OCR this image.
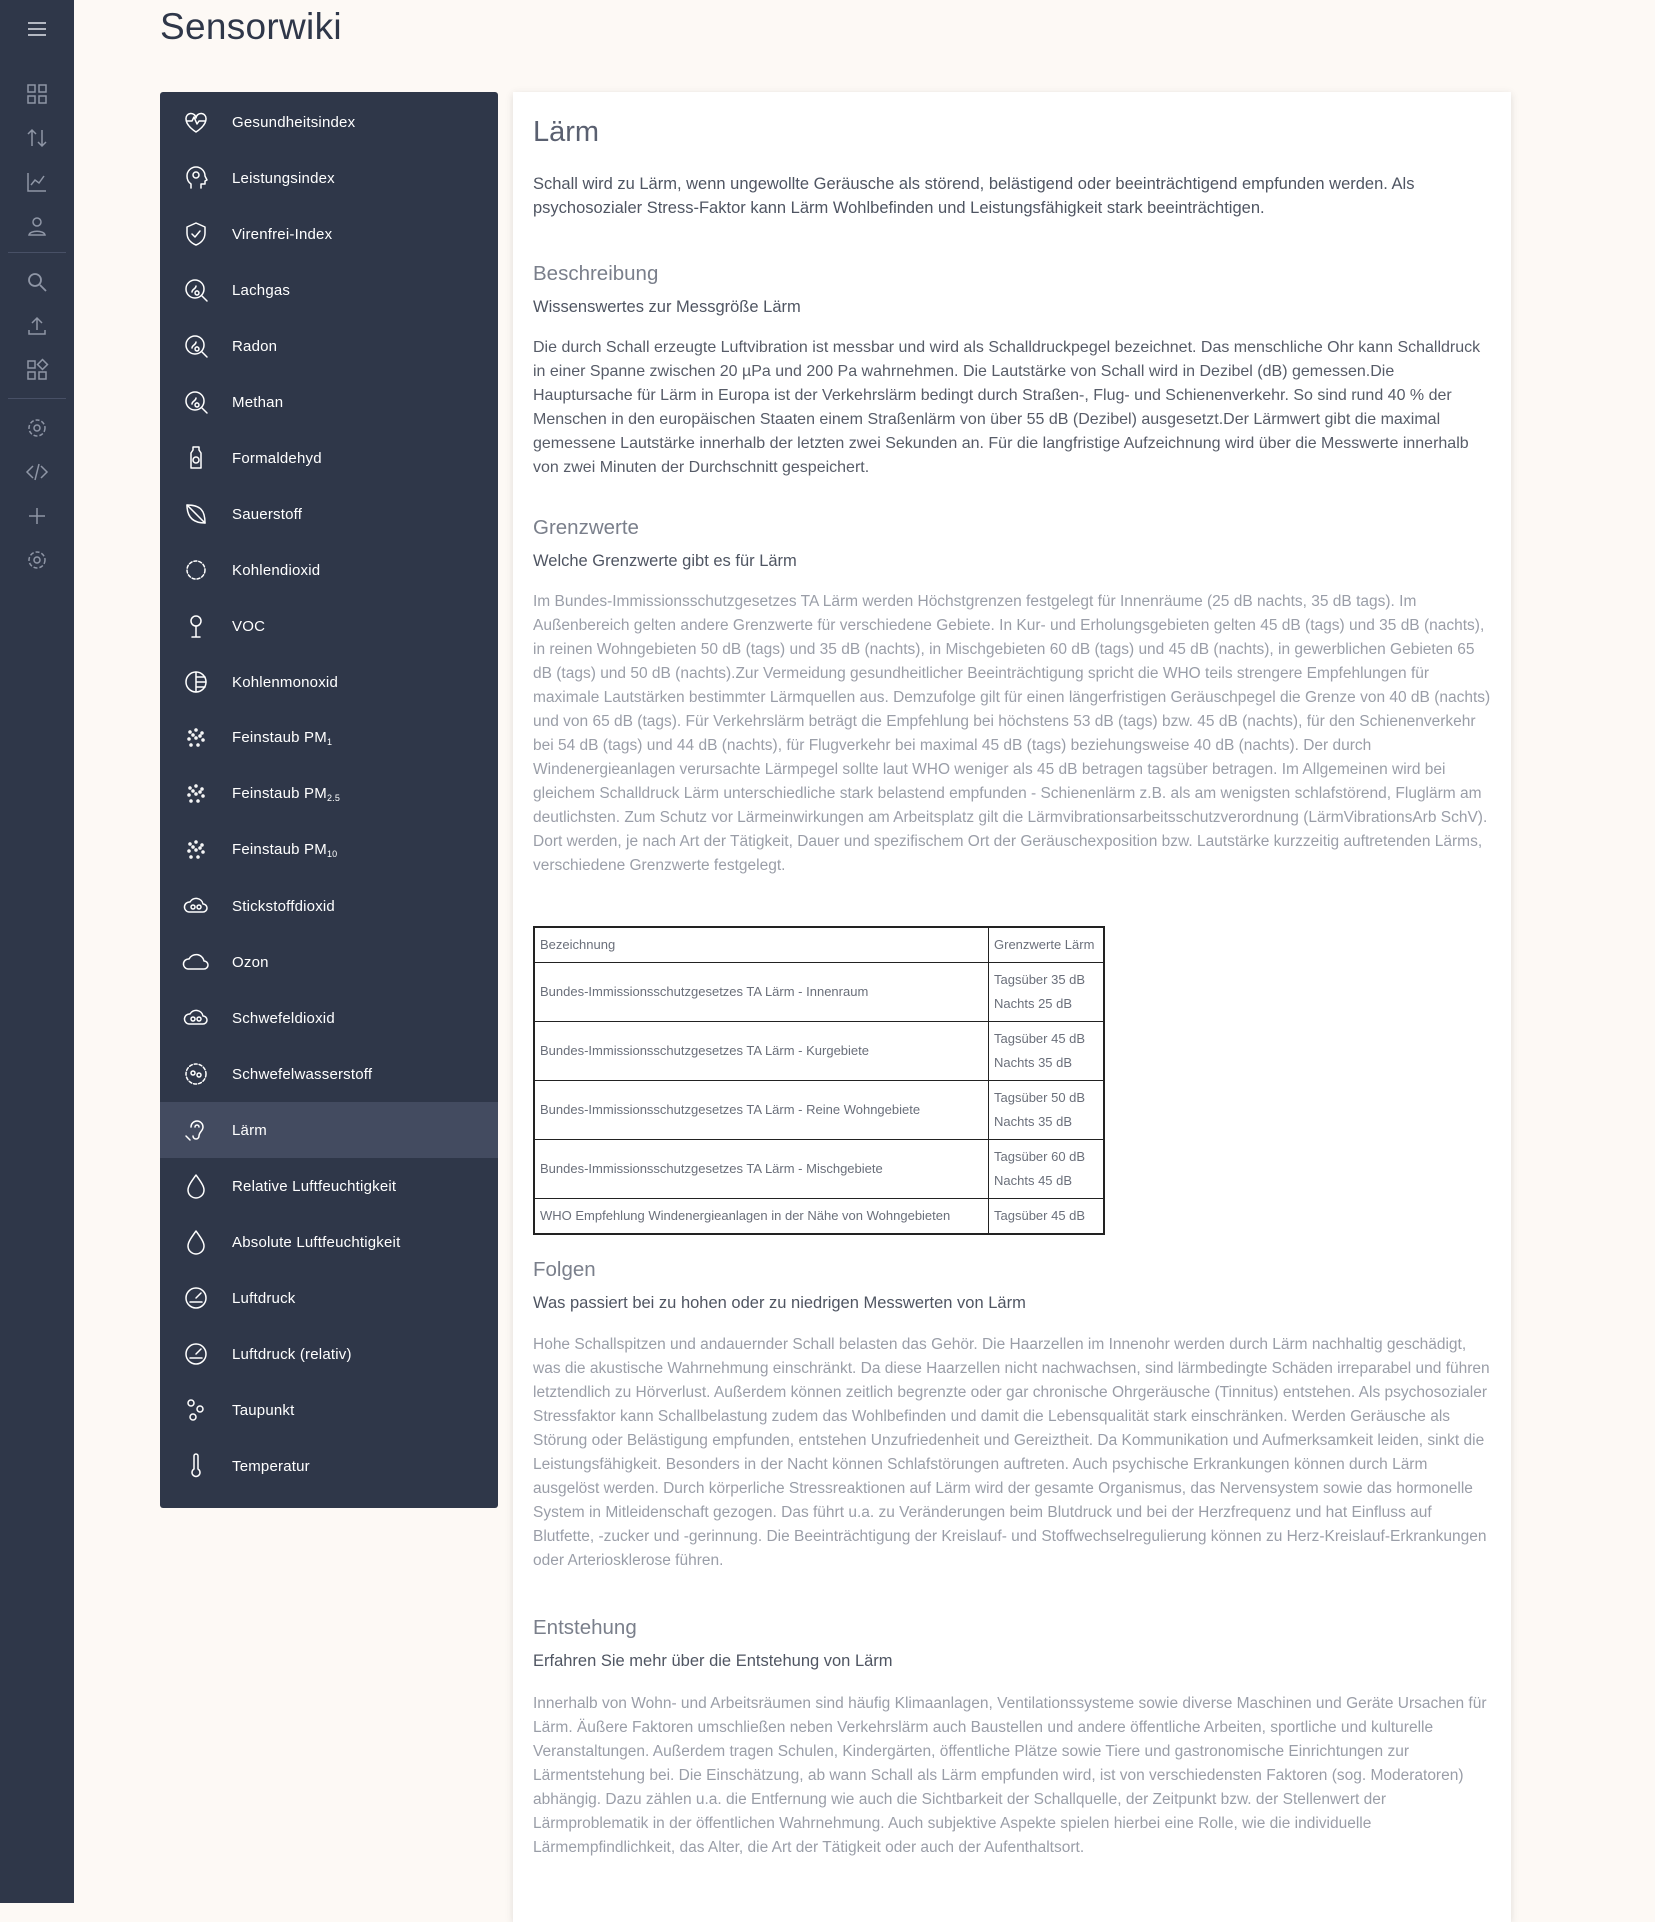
Sensorwiki
Gesundheitsindex
Leistungsindex
Virenfrei-Index
Lachgas
Radon
Methan
Formaldehyd
Sauerstoff
Kohlendioxid
VOC
Kohlenmonoxid
Feinstaub $PM_1$
Feinstaub $PM_{2.5}$
Feinstaub $PM_{10}$
Stickstoffdioxid
Ozon
Schwefeldioxid
Schwefelwasserstoff
Lärm
Relative Luftfeuchtigkeit
Absolute Luftfeuchtigkeit
Luftdruck
Luftdruck (relativ)
Taupunkt
Temperatur
Lärm

Schall wird zu Lärm, wenn ungewollte Geräusche als störend, belästigend oder beeinträchtigend empfunden werden. Als psychosozialer Stress-Faktor kann Lärm Wohlbefinden und Leistungsfähigkeit stark beeinträchtigen.

Beschreibung
Wissenswertes zur Messgröße Lärm

Die durch Schall erzeugte Luftvibration ist messbar und wird als Schalldruckpegel bezeichnet. Das menschliche Ohr kann Schalldruck in einer Spanne zwischen 20 µPa und 200 Pa wahrnehmen. Die Lautstärke von Schall wird in Dezibel (dB) gemessen.Die Hauptursache für Lärm in Europa ist der Verkehrslärm bedingt durch Straßen-, Flug- und Schienenverkehr. So sind rund 40 % der Menschen in den europäischen Staaten einem Straßenlärm von über 55 dB (Dezibel) ausgesetzt.Der Lärmwert gibt die maximal gemessene Lautstärke innerhalb der letzten zwei Sekunden an. Für die langfristige Aufzeichnung wird über die Messwerte innerhalb von zwei Minuten der Durchschnitt gespeichert.

Grenzwerte
Welche Grenzwerte gibt es für Lärm

Im Bundes-Immissionsschutzgesetzes TA Lärm werden Höchstgrenzen festgelegt für Innenräume (25 dB nachts, 35 dB tags). Im Außenbereich gelten andere Grenzwerte für verschiedene Gebiete. In Kur- und Erholungsgebieten gelten 45 dB (tags) und 35 dB (nachts), in reinen Wohngebieten 50 dB (tags) und 35 dB (nachts), in Mischgebieten 60 dB (tags) und 45 dB (nachts), in gewerblichen Gebieten 65 dB (tags) und 50 dB (nachts).Zur Vermeidung gesundheitlicher Beeinträchtigung spricht die WHO teils strengere Empfehlungen für maximale Lautstärken bestimmter Lärmquellen aus. Demzufolge gilt für einen längerfristigen Geräuschpegel die Grenze von 40 dB (nachts) und von 65 dB (tags). Für Verkehrslärm beträgt die Empfehlung bei höchstens 53 dB (tags) bzw. 45 dB (nachts), für den Schienenverkehr bei 54 dB (tags) und 44 dB (nachts), für Flugverkehr bei maximal 45 dB (tags) beziehungsweise 40 dB (nachts). Der durch Windenergieanlagen verursachte Lärmpegel sollte laut WHO weniger als 45 dB betragen tagsüber betragen. Im Allgemeinen wird bei gleichem Schalldruck Lärm unterschiedliche stark belastend empfunden - Schienenlärm z.B. als am wenigsten schlafstörend, Fluglärm am deutlichsten. Zum Schutz vor Lärmeinwirkungen am Arbeitsplatz gilt die Lärmvibrationsarbeitsschutzverordnung (LärmVibrationsArb SchV). Dort werden, je nach Art der Tätigkeit, Dauer und spezifischem Ort der Geräuschexposition bzw. Lautstärke kurzzeitig auftretenden Lärms, verschiedene Grenzwerte festgelegt.

Bezeichnung	Grenzwerte Lärm
Bundes-Immissionsschutzgesetzes TA Lärm - Innenraum	Tagsüber 35 dB
Nachts 25 dB

Bundes-Immissionsschutzgesetzes TA Lärm - Kurgebiete	Tagsüber 45 dB
Nachts 35 dB

Bundes-Immissionsschutzgesetzes TA Lärm - Reine Wohngebiete	Tagsüber 50 dB
Nachts 35 dB

Bundes-Immissionsschutzgesetzes TA Lärm - Mischgebiete	Tagsüber 60 dB
Nachts 45 dB

WHO Empfehlung Windenergieanlagen in der Nähe von Wohngebieten	Tagsüber 45 dB
Folgen
Was passiert bei zu hohen oder zu niedrigen Messwerten von Lärm

Hohe Schallspitzen und andauernder Schall belasten das Gehör. Die Haarzellen im Innenohr werden durch Lärm nachhaltig geschädigt, was die akustische Wahrnehmung einschränkt. Da diese Haarzellen nicht nachwachsen, sind lärmbedingte Schäden irreparabel und führen letztendlich zu Hörverlust. Außerdem können zeitlich begrenzte oder gar chronische Ohrgeräusche (Tinnitus) entstehen. Als psychosozialer Stressfaktor kann Schallbelastung zudem das Wohlbefinden und damit die Lebensqualität stark einschränken. Werden Geräusche als Störung oder Belästigung empfunden, entstehen Unzufriedenheit und Gereiztheit. Da Kommunikation und Aufmerksamkeit leiden, sinkt die Leistungsfähigkeit. Besonders in der Nacht können Schlafstörungen auftreten. Auch psychische Erkrankungen können durch Lärm ausgelöst werden. Durch körperliche Stressreaktionen auf Lärm wird der gesamte Organismus, das Nervensystem sowie das hormonelle System in Mitleidenschaft gezogen. Das führt u.a. zu Veränderungen beim Blutdruck und bei der Herzfrequenz und hat Einfluss auf Blutfette, -zucker und -gerinnung. Die Beeinträchtigung der Kreislauf- und Stoffwechselregulierung können zu Herz-Kreislauf-Erkrankungen oder Arteriosklerose führen.

Entstehung
Erfahren Sie mehr über die Entstehung von Lärm

Innerhalb von Wohn- und Arbeitsräumen sind häufig Klimaanlagen, Ventilationssysteme sowie diverse Maschinen und Geräte Ursachen für Lärm. Äußere Faktoren umschließen neben Verkehrslärm auch Baustellen und andere öffentliche Arbeiten, sportliche und kulturelle Veranstaltungen. Außerdem tragen Schulen, Kindergärten, öffentliche Plätze sowie Tiere und gastronomische Einrichtungen zur Lärmentstehung bei. Die Einschätzung, ab wann Schall als Lärm empfunden wird, ist von verschiedensten Faktoren (sog. Moderatoren) abhängig. Dazu zählen u.a. die Entfernung wie auch die Sichtbarkeit der Schallquelle, der Zeitpunkt bzw. der Stellenwert der Lärmproblematik in der öffentlichen Wahrnehmung. Auch subjektive Aspekte spielen hierbei eine Rolle, wie die individuelle Lärmempfindlichkeit, das Alter, die Art der Tätigkeit oder auch der Aufenthaltsort.
